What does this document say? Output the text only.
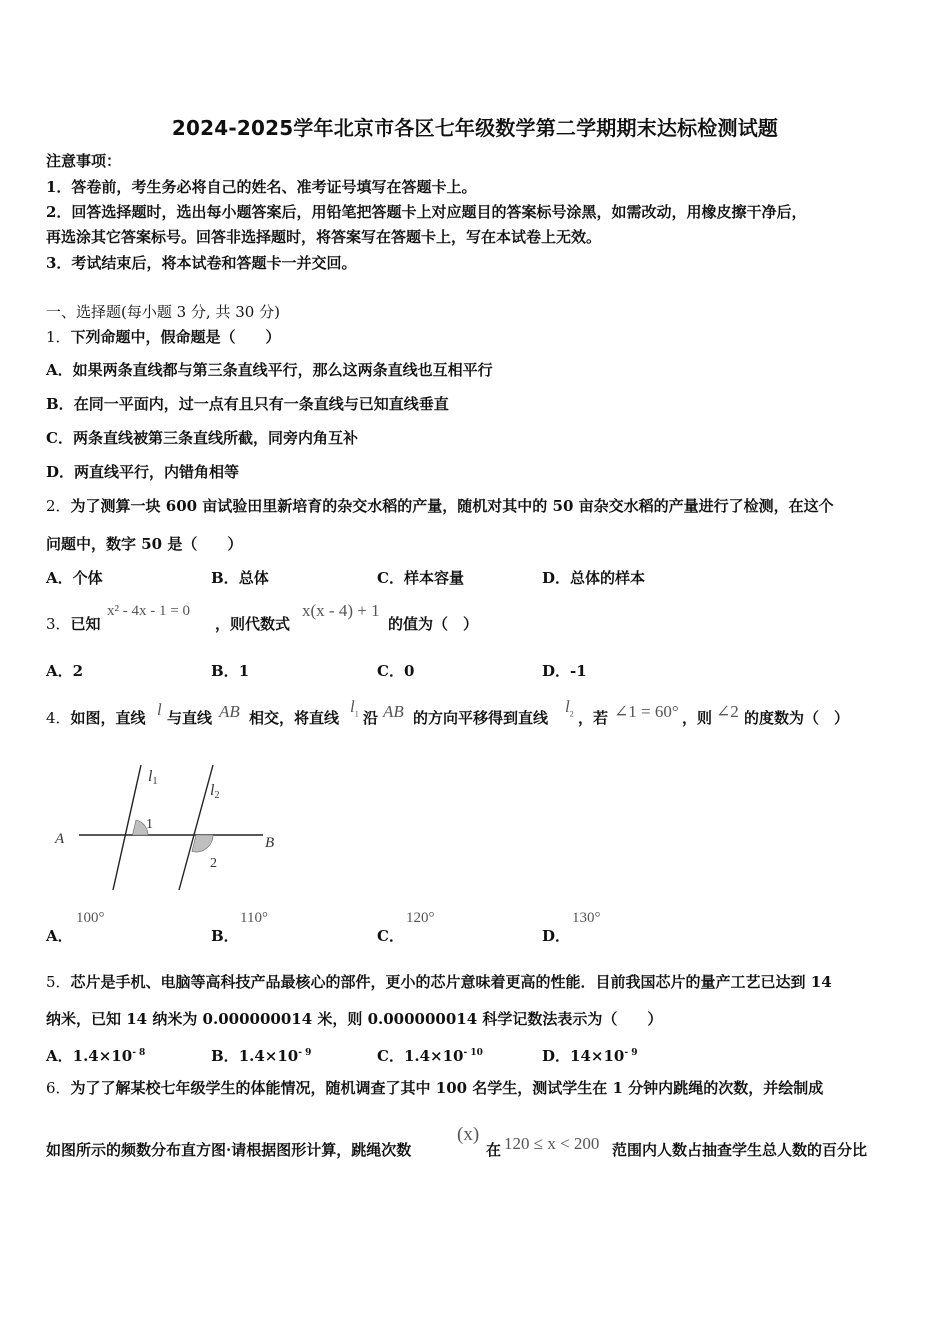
2024-2025学年北京市各区七年级数学第二学期期末达标检测试题
注意事项：
1．答卷前，考生务必将自己的姓名、准考证号填写在答题卡上。
2．回答选择题时，选出每小题答案后，用铅笔把答题卡上对应题目的答案标号涂黑，如需改动，用橡皮擦干净后，
再选涂其它答案标号。回答非选择题时，将答案写在答题卡上，写在本试卷上无效。
3．考试结束后，将本试卷和答题卡一并交回。
一、选择题(每小题 3 分, 共 30 分)
1．下列命题中，假命题是（　　）
A．如果两条直线都与第三条直线平行，那么这两条直线也互相平行
B．在同一平面内，过一点有且只有一条直线与已知直线垂直
C．两条直线被第三条直线所截，同旁内角互补
D．两直线平行，内错角相等
2．为了测算一块 600 亩试验田里新培育的杂交水稻的产量，随机对其中的 50 亩杂交水稻的产量进行了检测，在这个
问题中，数字 50 是（　　）
A．个体	B．总体	C．样本容量	D．总体的样本
3．已知
x² - 4x - 1 = 0
，则代数式
x(x - 4) + 1
的值为（　）
A．2	B．1	C．0	D．-1
4．如图，直线 l 与直线 AB 相交，将直线
$l_1$ 沿 AB 的方向平移得到直线
$l_2$ ，若 ∠1 = 60° ，则 ∠2 的度数为（　）
A	B
l1
l2
1
2
A．
100°
B．
110°
C．
120°
D．
130°
5．芯片是手机、电脑等高科技产品最核心的部件，更小的芯片意味着更高的性能．目前我国芯片的量产工艺已达到 14
纳米，已知 14 纳米为 0.000000014 米，则 0.000000014 科学记数法表示为（　　）
A．$1.4\times 10^{- 8}$	B．$1.4\times 10^{- 9}$	C．$1.4\times 10^{- 10}$	D．$14\times 10^{- 9}$
6．为了了解某校七年级学生的体能情况，随机调查了其中 100 名学生，测试学生在 1 分钟内跳绳的次数，并绘制成
如图所示的频数分布直方图·请根据图形计算，跳绳次数
(x)
在 120 ≤ x < 200 范围内人数占抽查学生总人数的百分比
